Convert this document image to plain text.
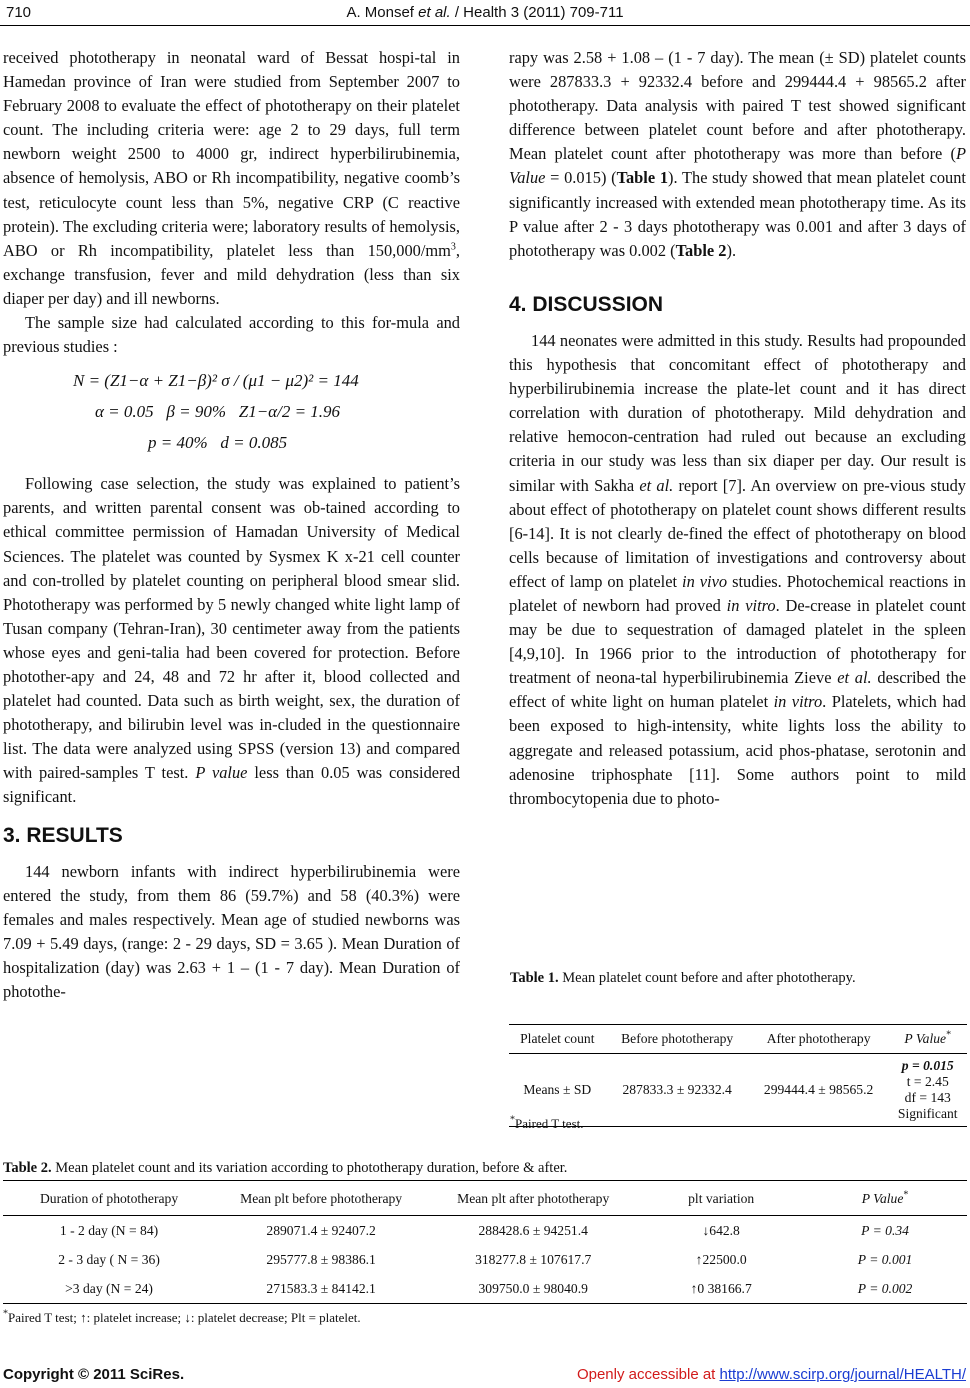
710	A. Monsef et al. / Health 3 (2011) 709-711

received phototherapy in neonatal ward of Bessat hospi-tal in Hamedan province of Iran were studied from September 2007 to February 2008 to evaluate the effect of phototherapy on their platelet count. The including criteria were: age 2 to 29 days, full term newborn weight 2500 to 4000 gr, indirect hyperbilirubinemia, absence of hemolysis, ABO or Rh incompatibility, negative coomb’s test, reticulocyte count less than 5%, negative CRP (C reactive protein). The excluding criteria were; laboratory results of hemolysis, ABO or Rh incompatibility, platelet less than $150,000/mm^3$, exchange transfusion, fever and mild dehydration (less than six diaper per day) and ill newborns.

The sample size had calculated according to this for-mula and previous studies :

N = (Z1−α + Z1−β)² σ / (μ1 − μ2)² = 144
α = 0.05   β = 90%   Z1−α/2 = 1.96
p = 40%   d = 0.085

Following case selection, the study was explained to patient’s parents, and written parental consent was ob-tained according to ethical committee permission of Hamadan University of Medical Sciences. The platelet was counted by Sysmex K x-21 cell counter and con-trolled by platelet counting on peripheral blood smear slid. Phototherapy was performed by 5 newly changed white light lamp of Tusan company (Tehran-Iran), 30 centimeter away from the patients whose eyes and geni-talia had been covered for protection. Before photother-apy and 24, 48 and 72 hr after it, blood collected and platelet had counted. Data such as birth weight, sex, the duration of phototherapy, and bilirubin level was in-cluded in the questionnaire list. The data were analyzed using SPSS (version 13) and compared with paired-samples T test. P value less than 0.05 was considered significant.

3. RESULTS

144 newborn infants with indirect hyperbilirubinemia were entered the study, from them 86 (59.7%) and 58 (40.3%) were females and males respectively. Mean age of studied newborns was 7.09 + 5.49 days, (range: 2 - 29 days, SD = 3.65 ). Mean Duration of hospitalization (day) was 2.63 + 1 – (1 - 7 day). Mean Duration of photothe-

rapy was 2.58 + 1.08 – (1 - 7 day). The mean (± SD) platelet counts were 287833.3 + 92332.4 before and 299444.4 + 98565.2 after phototherapy. Data analysis with paired T test showed significant difference between platelet count before and after phototherapy. Mean platelet count after phototherapy was more than before (P Value = 0.015) (Table 1). The study showed that mean platelet count significantly increased with extended mean phototherapy time. As its P value after 2 - 3 days phototherapy was 0.001 and after 3 days of phototherapy was 0.002 (Table 2).

4. DISCUSSION

144 neonates were admitted in this study. Results had propounded this hypothesis that concomitant effect of phototherapy and hyperbilirubinemia increase the plate-let count and it has direct correlation with duration of phototherapy. Mild dehydration and relative hemocon-centration had ruled out because an excluding criteria in our study was less than six diaper per day. Our result is similar with Sakha et al. report [7]. An overview on pre-vious study about effect of phototherapy on platelet count shows different results [6-14]. It is not clearly de-fined the effect of phototherapy on blood cells because of limitation of investigations and controversy about effect of lamp on platelet in vivo studies. Photochemical reactions in platelet of newborn had proved in vitro. De-crease in platelet count may be due to sequestration of damaged platelet in the spleen [4,9,10]. In 1966 prior to the introduction of phototherapy for treatment of neona-tal hyperbilirubinemia Zieve et al. described the effect of white light on human platelet in vitro. Platelets, which had been exposed to high-intensity, white lights loss the ability to aggregate and released potassium, acid phos-phatase, serotonin and adenosine triphosphate [11]. Some authors point to mild thrombocytopenia due to photo-

Table 1. Mean platelet count before and after phototherapy.
Platelet count	Before phototherapy	After phototherapy	P Value*
Means ± SD	287833.3 ± 92332.4	299444.4 ± 98565.2	p = 0.015
t = 2.45
df = 143
Significant
*Paired T test.
Table 2. Mean platelet count and its variation according to phototherapy duration, before & after.
Duration of phototherapy	Mean plt before phototherapy	Mean plt after phototherapy	plt variation	P Value*
1 - 2 day (N = 84)	289071.4 ± 92407.2	288428.6 ± 94251.4	↓642.8	P = 0.34
2 - 3 day ( N = 36)	295777.8 ± 98386.1	318277.8 ± 107617.7	↑22500.0	P = 0.001
>3 day (N = 24)	271583.3 ± 84142.1	309750.0 ± 98040.9	↑0 38166.7	P = 0.002
*Paired T test; ↑: platelet increase; ↓: platelet decrease; Plt = platelet.
Copyright © 2011 SciRes.	Openly accessible at http://www.scirp.org/journal/HEALTH/
